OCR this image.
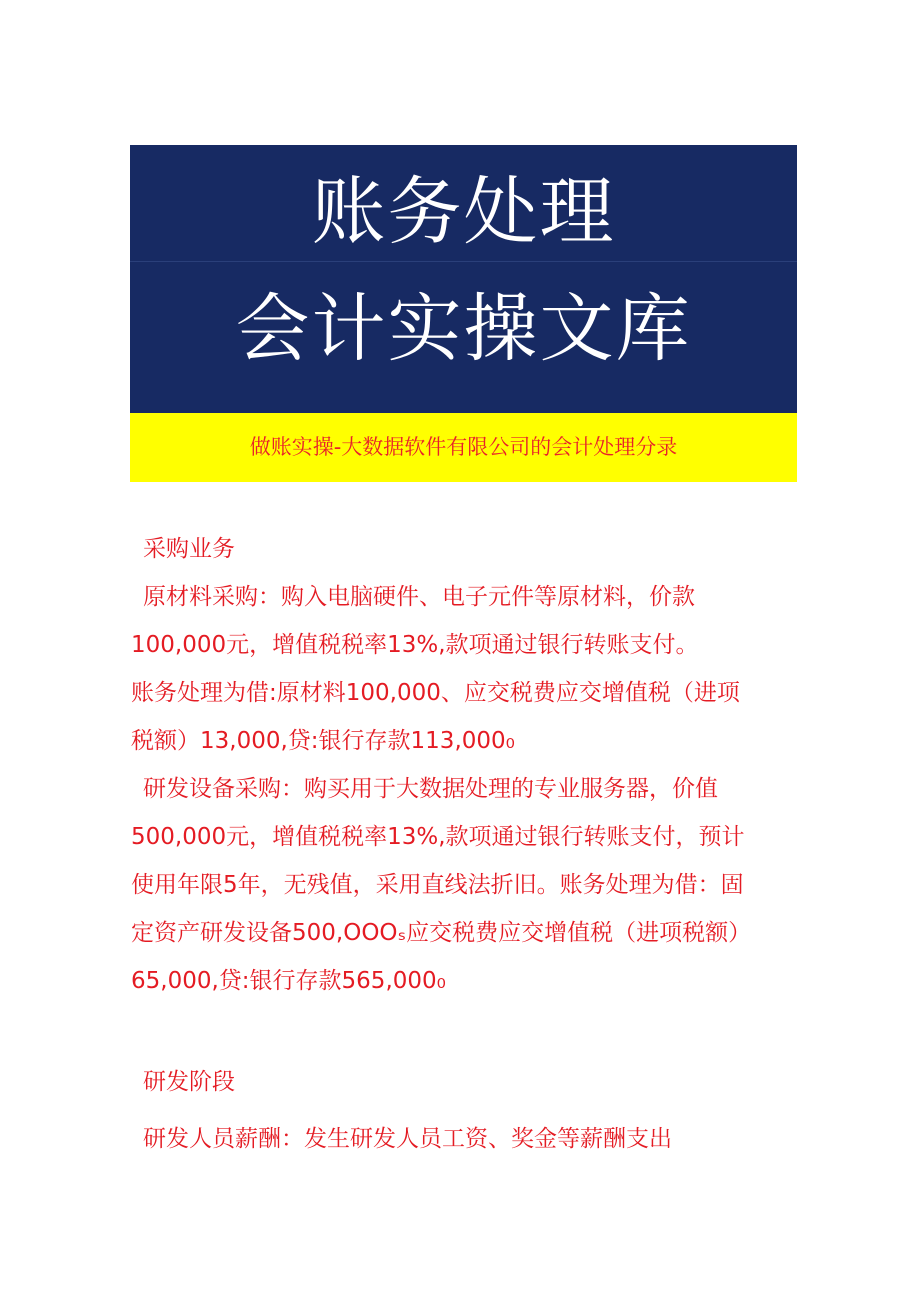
账务处理
会计实操文库
做账实操-大数据软件有限公司的会计处理分录
采购业务
原材料采购：购入电脑硬件、电子元件等原材料，价款
100,000元，增值税税率13%,款项通过银行转账支付。
账务处理为借:原材料100,000、应交税费应交增值税（进项
税额）13,000,贷:银行存款113,000₀
研发设备采购：购买用于大数据处理的专业服务器，价值
500,000元，增值税税率13%,款项通过银行转账支付，预计
使用年限5年，无残值，采用直线法折旧。账务处理为借：固
定资产研发设备500,OOOₛ应交税费应交增值税（进项税额）
65,000,贷:银行存款565,000₀
研发阶段
研发人员薪酬：发生研发人员工资、奖金等薪酬支出
